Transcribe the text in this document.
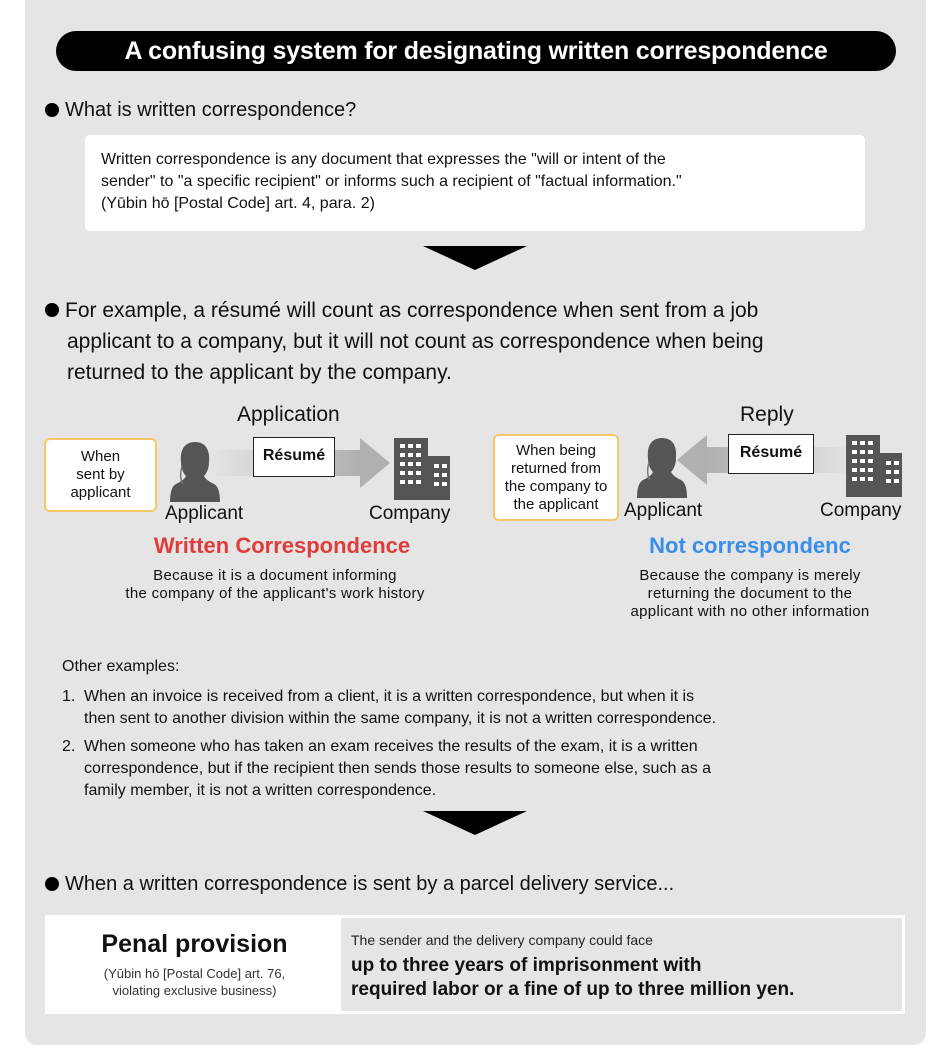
A confusing system for designating written correspondence
What is written correspondence?
Written correspondence is any document that expresses the "will or intent of the
sender" to "a specific recipient" or informs such a recipient of "factual information."
(Yūbin hō [Postal Code] art. 4, para. 2)
For example, a résumé will count as correspondence when sent from a job
applicant to a company, but it will not count as correspondence when being
returned to the applicant by the company.
Application
When
sent by
applicant
Résumé
Applicant	Company
Written Correspondence
Because it is a document informing
the company of the applicant's work history
Reply
When being
returned from
the company to
the applicant
Résumé
Applicant	Company
Not correspondenc
Because the company is merely
returning the document to the
applicant with no other information
Other examples:
1. When an invoice is received from a client, it is a written correspondence, but when it is
then sent to another division within the same company, it is not a written correspondence.
2. When someone who has taken an exam receives the results of the exam, it is a written
correspondence, but if the recipient then sends those results to someone else, such as a
family member, it is not a written correspondence.
When a written correspondence is sent by a parcel delivery service...
Penal provision
(Yūbin hō [Postal Code] art. 76,
violating exclusive business)
The sender and the delivery company could face
up to three years of imprisonment with
required labor or a fine of up to three million yen.
